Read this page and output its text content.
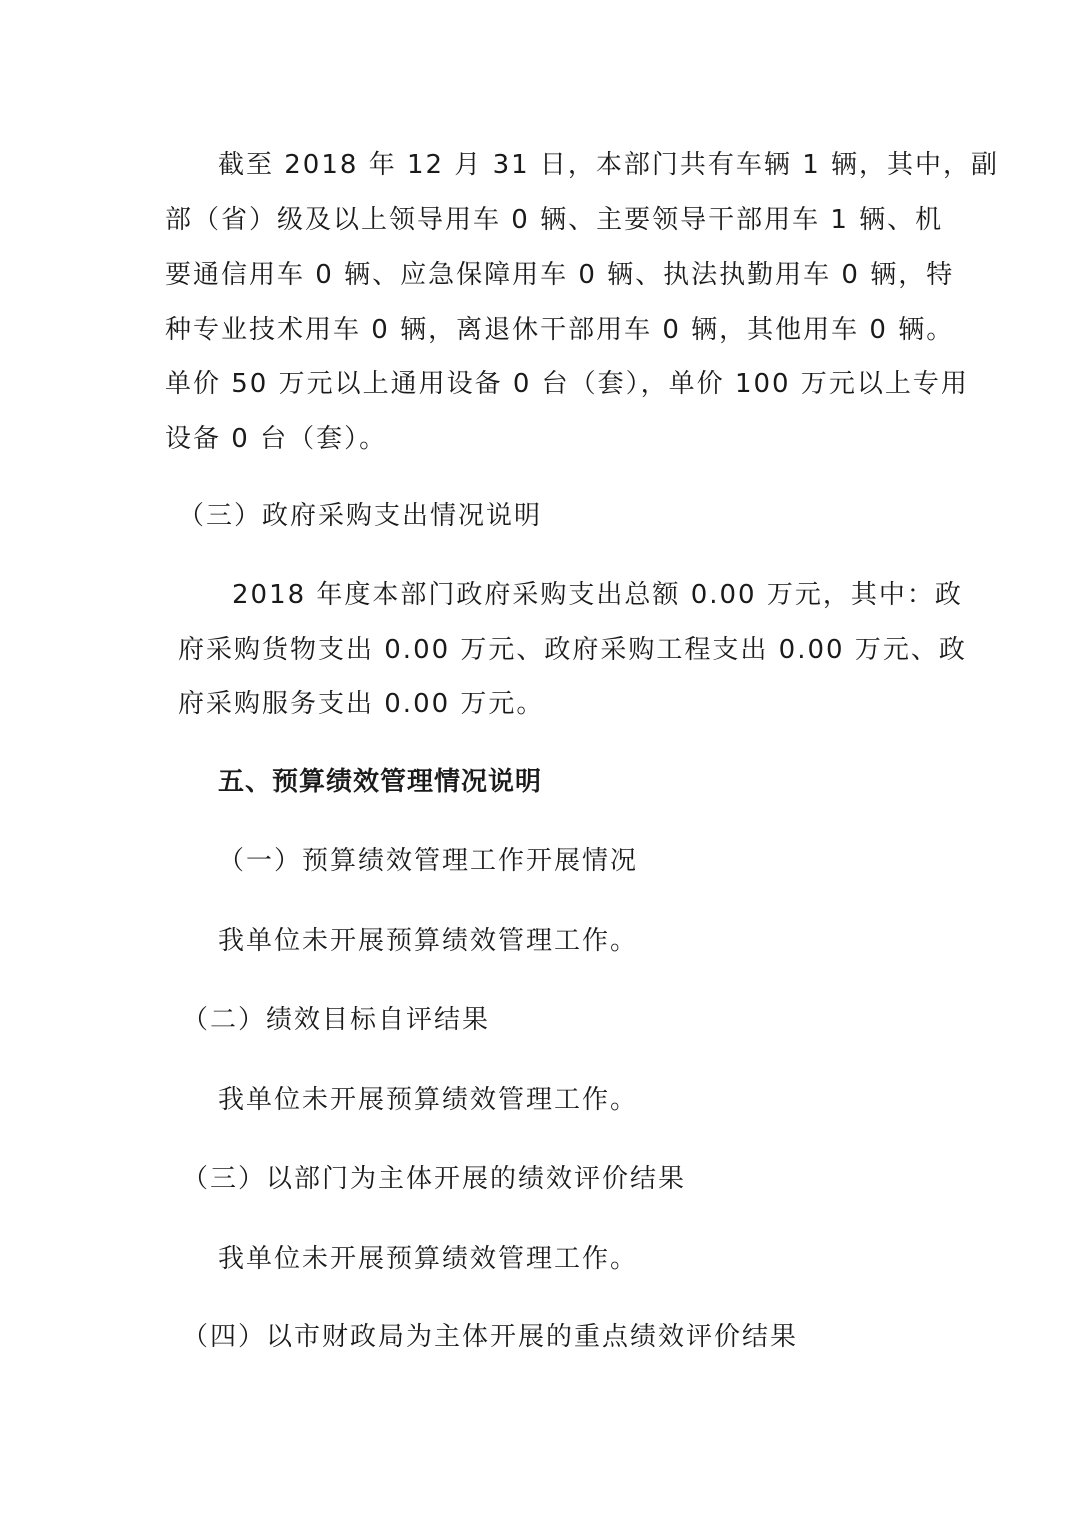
截至 2018 年 12 月 31 日，本部门共有车辆 1 辆，其中，副
部（省）级及以上领导用车 0 辆、主要领导干部用车 1 辆、机
要通信用车 0 辆、应急保障用车 0 辆、执法执勤用车 0 辆，特
种专业技术用车 0 辆，离退休干部用车 0 辆，其他用车 0 辆。
单价 50 万元以上通用设备 0 台（套），单价 100 万元以上专用
设备 0 台（套）。
（三）政府采购支出情况说明
2018 年度本部门政府采购支出总额 0.00 万元，其中：政
府采购货物支出 0.00 万元、政府采购工程支出 0.00 万元、政
府采购服务支出 0.00 万元。
五、预算绩效管理情况说明
（一）预算绩效管理工作开展情况
我单位未开展预算绩效管理工作。
（二）绩效目标自评结果
我单位未开展预算绩效管理工作。
（三）以部门为主体开展的绩效评价结果
我单位未开展预算绩效管理工作。
（四）以市财政局为主体开展的重点绩效评价结果
